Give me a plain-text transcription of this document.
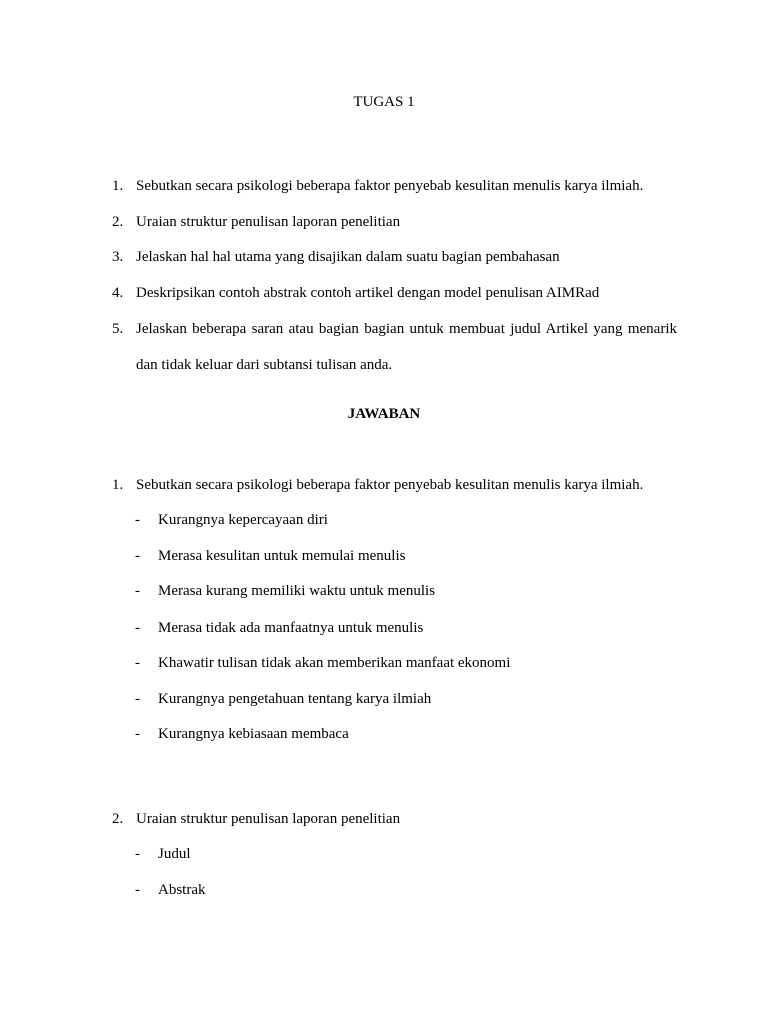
TUGAS 1
1. Sebutkan secara psikologi beberapa faktor penyebab kesulitan menulis karya ilmiah.
2. Uraian struktur penulisan laporan penelitian
3. Jelaskan hal hal utama yang disajikan dalam suatu bagian pembahasan
4. Deskripsikan contoh abstrak contoh artikel dengan model penulisan AIMRad
5. Jelaskan beberapa saran atau bagian bagian untuk membuat judul Artikel yang menarik
dan tidak keluar dari subtansi tulisan anda.
JAWABAN
1. Sebutkan secara psikologi beberapa faktor penyebab kesulitan menulis karya ilmiah.
- Kurangnya kepercayaan diri
- Merasa kesulitan untuk memulai menulis
- Merasa kurang memiliki waktu untuk menulis
- Merasa tidak ada manfaatnya untuk menulis
- Khawatir tulisan tidak akan memberikan manfaat ekonomi
- Kurangnya pengetahuan tentang karya ilmiah
- Kurangnya kebiasaan membaca
2. Uraian struktur penulisan laporan penelitian
- Judul
- Abstrak
